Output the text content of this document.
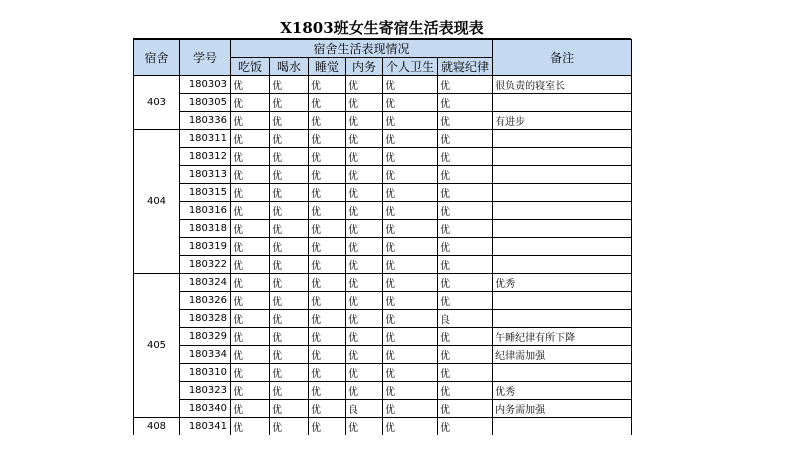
X1803班女生寄宿生活表现表
宿舍	学号	宿舍生活表现情况						备注
		吃饭	喝水	睡觉	内务	个人卫生	就寝纪律	
403	180303	优	优	优	优	优	优	很负责的寝室长
	180305	优	优	优	优	优	优	
	180336	优	优	优	优	优	优	有进步
404	180311	优	优	优	优	优	优	
	180312	优	优	优	优	优	优	
	180313	优	优	优	优	优	优	
	180315	优	优	优	优	优	优	
	180316	优	优	优	优	优	优	
	180318	优	优	优	优	优	优	
	180319	优	优	优	优	优	优	
	180322	优	优	优	优	优	优	
405	180324	优	优	优	优	优	优	优秀
	180326	优	优	优	优	优	优	
	180328	优	优	优	优	优	良	
	180329	优	优	优	优	优	优	午睡纪律有所下降
	180334	优	优	优	优	优	优	纪律需加强
	180310	优	优	优	优	优	优	
	180323	优	优	优	优	优	优	优秀
	180340	优	优	优	良	优	优	内务需加强
408	180341	优	优	优	优	优	优	
